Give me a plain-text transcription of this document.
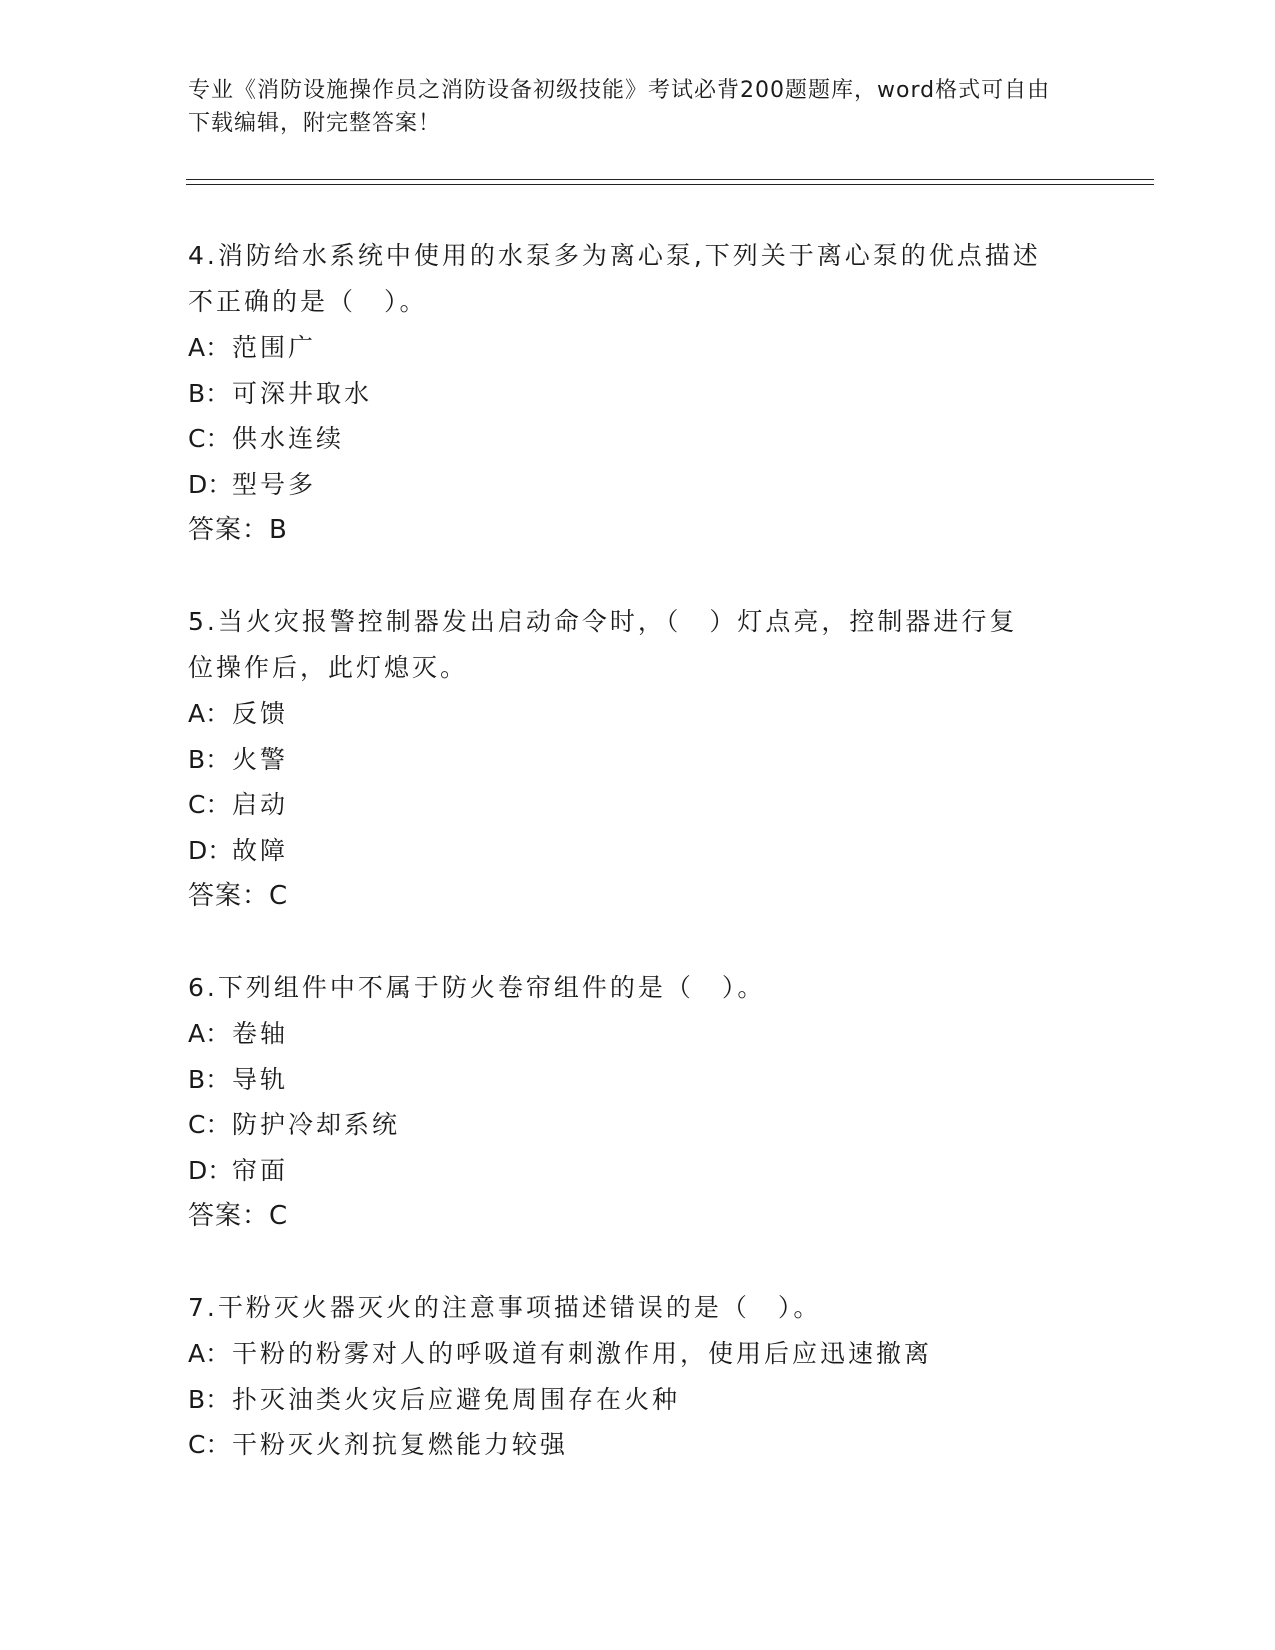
专业《消防设施操作员之消防设备初级技能》考试必背200题题库，word格式可自由下载编辑，附完整答案！

4.消防给水系统中使用的水泵多为离心泵,下列关于离心泵的优点描述

不正确的是（　）。

A：范围广

B：可深井取水

C：供水连续

D：型号多

答案：B

5.当火灾报警控制器发出启动命令时，（　）灯点亮，控制器进行复

位操作后，此灯熄灭。

A：反馈

B：火警

C：启动

D：故障

答案：C

6.下列组件中不属于防火卷帘组件的是（　）。

A：卷轴

B：导轨

C：防护冷却系统

D：帘面

答案：C

7.干粉灭火器灭火的注意事项描述错误的是（　）。

A：干粉的粉雾对人的呼吸道有刺激作用，使用后应迅速撤离

B：扑灭油类火灾后应避免周围存在火种

C：干粉灭火剂抗复燃能力较强
